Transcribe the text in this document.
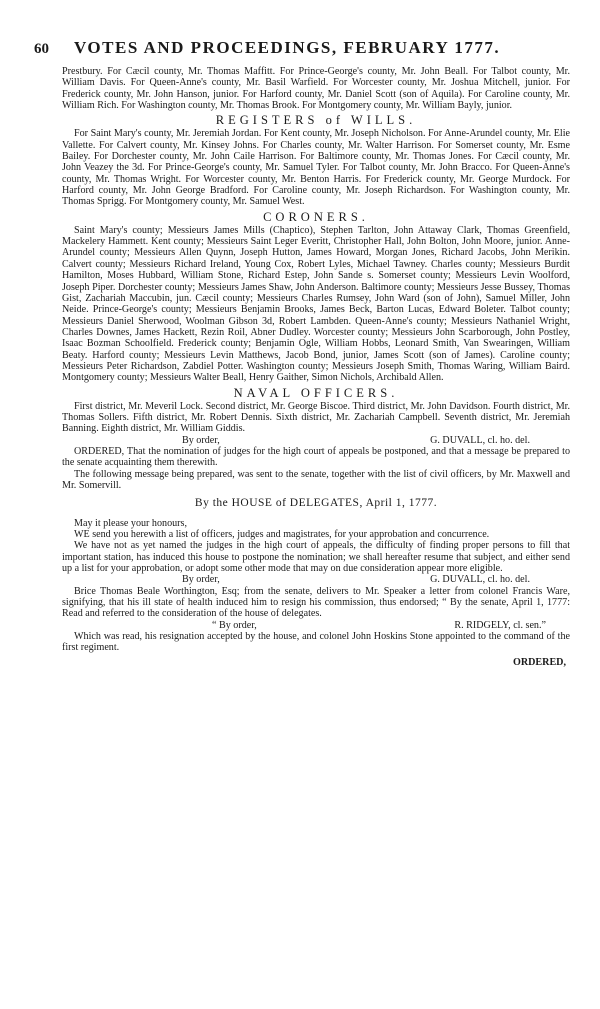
60	VOTES AND PROCEEDINGS, FEBRUARY 1777.

Prestbury. For Cæcil county, Mr. Thomas Maffitt. For Prince-George's county, Mr. John Beall. For Talbot county, Mr. William Davis. For Queen-Anne's county, Mr. Basil Warfield. For Worcester county, Mr. Joshua Mitchell, junior. For Frederick county, Mr. John Hanson, junior. For Harford county, Mr. Daniel Scott (son of Aquila). For Caroline county, Mr. William Rich. For Washington county, Mr. Thomas Brook. For Montgomery county, Mr. William Bayly, junior.

REGISTERS of WILLS.

For Saint Mary's county, Mr. Jeremiah Jordan. For Kent county, Mr. Joseph Nicholson. For Anne-Arundel county, Mr. Elie Vallette. For Calvert county, Mr. Kinsey Johns. For Charles county, Mr. Walter Harrison. For Somerset county, Mr. Esme Bailey. For Dorchester county, Mr. John Caile Harrison. For Baltimore county, Mr. Thomas Jones. For Cæcil county, Mr. John Veazey the 3d. For Prince-George's county, Mr. Samuel Tyler. For Talbot county, Mr. John Bracco. For Queen-Anne's county, Mr. Thomas Wright. For Worcester county, Mr. Benton Harris. For Frederick county, Mr. George Murdock. For Harford county, Mr. John George Bradford. For Caroline county, Mr. Joseph Richardson. For Washington county, Mr. Thomas Sprigg. For Montgomery county, Mr. Samuel West.

CORONERS.

Saint Mary's county; Messieurs James Mills (Chaptico), Stephen Tarlton, John Attaway Clark, Thomas Greenfield, Mackelery Hammett. Kent county; Messieurs Saint Leger Everitt, Christopher Hall, John Bolton, John Moore, junior. Anne-Arundel county; Messieurs Allen Quynn, Joseph Hutton, James Howard, Morgan Jones, Richard Jacobs, John Merikin. Calvert county; Messieurs Richard Ireland, Young Cox, Robert Lyles, Michael Tawney. Charles county; Messieurs Burdit Hamilton, Moses Hubbard, William Stone, Richard Estep, John Sande s. Somerset county; Messieurs Levin Woolford, Joseph Piper. Dorchester county; Messieurs James Shaw, John Anderson. Baltimore county; Messieurs Jesse Bussey, Thomas Gist, Zachariah Maccubin, jun. Cæcil county; Messieurs Charles Rumsey, John Ward (son of John), Samuel Miller, John Neide. Prince-George's county; Messieurs Benjamin Brooks, James Beck, Barton Lucas, Edward Boleter. Talbot county; Messieurs Daniel Sherwood, Woolman Gibson 3d, Robert Lambden. Queen-Anne's county; Messieurs Nathaniel Wright, Charles Downes, James Hackett, Rezin Roil, Abner Dudley. Worcester county; Messieurs John Scarborough, John Postley, Isaac Bozman Schoolfield. Frederick county; Benjamin Ogle, William Hobbs, Leonard Smith, Van Swearingen, William Beaty. Harford county; Messieurs Levin Matthews, Jacob Bond, junior, James Scott (son of James). Caroline county; Messieurs Peter Richardson, Zabdiel Potter. Washington county; Messieurs Joseph Smith, Thomas Waring, William Baird. Montgomery county; Messieurs Walter Beall, Henry Gaither, Simon Nichols, Archibald Allen.

NAVAL OFFICERS.

First district, Mr. Meveril Lock. Second district, Mr. George Biscoe. Third district, Mr. John Davidson. Fourth district, Mr. Thomas Sollers. Fifth district, Mr. Robert Dennis. Sixth district, Mr. Zachariah Campbell. Seventh district, Mr. Jeremiah Banning. Eighth district, Mr. William Giddis.

By order,	G. DUVALL, cl. ho. del.

ORDERED, That the nomination of judges for the high court of appeals be postponed, and that a message be prepared to the senate acquainting them therewith.

The following message being prepared, was sent to the senate, together with the list of civil officers, by Mr. Maxwell and Mr. Somervill.

By the HOUSE of DELEGATES, April 1, 1777.

May it please your honours,

WE send you herewith a list of officers, judges and magistrates, for your approbation and concurrence.

We have not as yet named the judges in the high court of appeals, the difficulty of finding proper persons to fill that important station, has induced this house to postpone the nomination; we shall hereafter resume that subject, and either send up a list for your approbation, or adopt some other mode that may on due consideration appear more eligible.

By order,	G. DUVALL, cl. ho. del.

Brice Thomas Beale Worthington, Esq; from the senate, delivers to Mr. Speaker a letter from colonel Francis Ware, signifying, that his ill state of health induced him to resign his commission, thus endorsed; “ By the senate, April 1, 1777: Read and referred to the consideration of the house of delegates.

“ By order,	R. RIDGELY, cl. sen.”

Which was read, his resignation accepted by the house, and colonel John Hoskins Stone appointed to the command of the first regiment.

ORDERED,
